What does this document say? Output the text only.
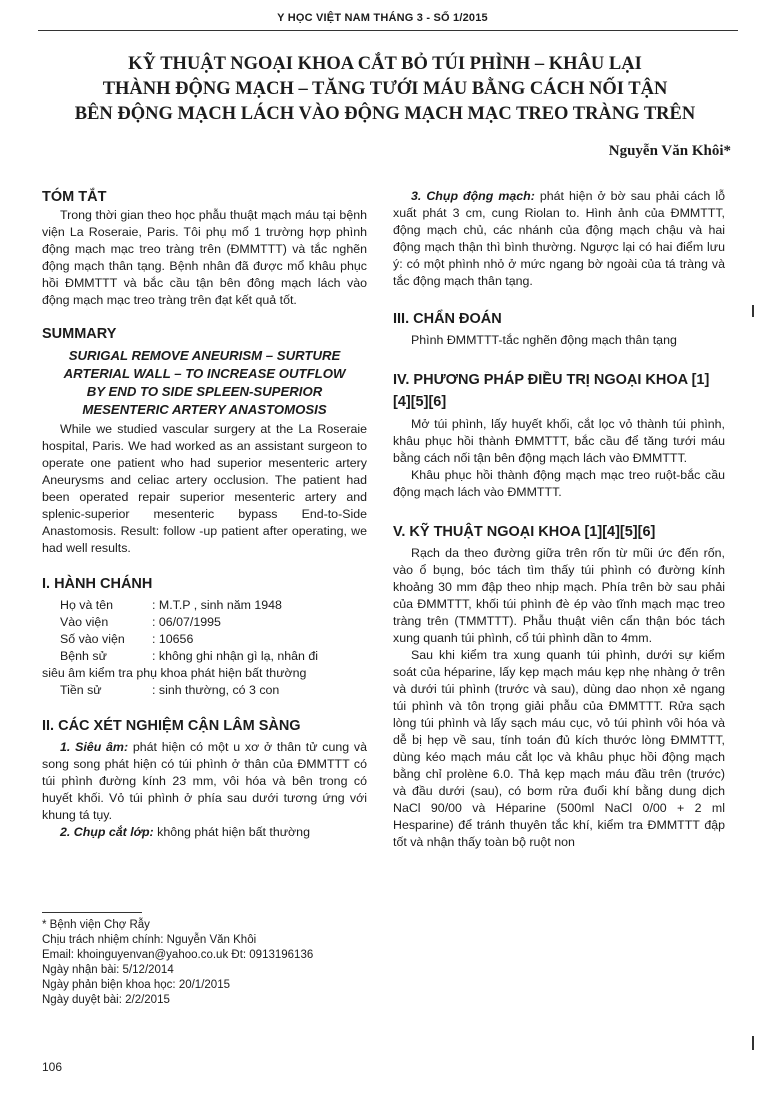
Y HỌC VIỆT NAM THÁNG 3 - SỐ 1/2015
KỸ THUẬT NGOẠI KHOA CẮT BỎ TÚI PHÌNH – KHÂU LẠI
THÀNH ĐỘNG MẠCH – TĂNG TƯỚI MÁU BẰNG CÁCH NỐI TẬN
BÊN ĐỘNG MẠCH LÁCH VÀO ĐỘNG MẠCH MẠC TREO TRÀNG TRÊN
Nguyễn Văn Khôi*
TÓM TẮT

Trong thời gian theo học phẫu thuật mạch máu tại bệnh viện La Roseraie, Paris. Tôi phụ mổ 1 trường hợp phình động mạch mạc treo tràng trên (ĐMMTTT) và tắc nghẽn động mạch thân tạng. Bệnh nhân đã được mổ khâu phục hồi ĐMMTTT và bắc cầu tận bên đông mạch lách vào động mạch mạc treo tràng trên đạt kết quả tốt.

SUMMARY
SURIGAL REMOVE ANEURISM – SURTURE
ARTERIAL WALL – TO INCREASE OUTFLOW
BY END TO SIDE SPLEEN-SUPERIOR
MESENTERIC ARTERY ANASTOMOSIS

While we studied vascular surgery at the La Roseraie hospital, Paris. We had worked as an assistant surgeon to operate one patient who had superior mesenteric artery Aneurysms and celiac artery occlusion. The patient had been operated repair superior mesenteric artery and splenic-superior mesenteric bypass End-to-Side Anastomosis. Result: follow -up patient after operating, we had well results.

I. HÀNH CHÁNH
Họ và tên	: M.T.P , sinh năm 1948
Vào viện	: 06/07/1995
Số vào viện	: 10656
Bệnh sử	: không ghi nhận gì lạ, nhân đi
siêu âm kiểm tra phụ khoa phát hiện bất thường
Tiền sử	: sinh thường, có 3 con
II. CÁC XÉT NGHIỆM CẬN LÂM SÀNG

1. Siêu âm: phát hiện có một u xơ ở thân tử cung và song song phát hiện có túi phình ở thân của ĐMMTTT có túi phình đường kính 23 mm, vôi hóa và bên trong có huyết khối. Vỏ túi phình ở phía sau dưới tương ứng với khung tá tụy.

2. Chụp cắt lớp: không phát hiện bất thường

* Bệnh viện Chợ Rẫy
Chịu trách nhiệm chính: Nguyễn Văn Khôi
Email: khoinguyenvan@yahoo.co.uk Đt: 0913196136
Ngày nhận bài: 5/12/2014
Ngày phản biện khoa học: 20/1/2015
Ngày duyệt bài: 2/2/2015
106

3. Chụp động mạch: phát hiện ở bờ sau phải cách lỗ xuất phát 3 cm, cung Riolan to. Hình ảnh của ĐMMTTT, động mạch chủ, các nhánh của động mạch chậu và hai động mạch thận thì bình thường. Ngược lại có hai điểm lưu ý: có một phình nhỏ ở mức ngang bờ ngoài của tá tràng và tắc động mạch thân tạng.

III. CHẨN ĐOÁN

Phình ĐMMTTT-tắc nghẽn động mạch thân tạng

IV. PHƯƠNG PHÁP ĐIỀU TRỊ NGOẠI KHOA [1][4][5][6]

Mở túi phình, lấy huyết khối, cắt lọc vỏ thành túi phình, khâu phục hồi thành ĐMMTTT, bắc cầu để tăng tưới máu bằng cách nối tận bên động mạch lách vào ĐMMTTT.

Khâu phục hồi thành động mạch mạc treo ruột-bắc cầu động mạch lách vào ĐMMTTT.

V. KỸ THUẬT NGOẠI KHOA [1][4][5][6]

Rạch da theo đường giữa trên rốn từ mũi ức đến rốn, vào ổ bụng, bóc tách tìm thấy túi phình có đường kính khoảng 30 mm đập theo nhịp mạch. Phía trên bờ sau phải của ĐMMTTT, khối túi phình đè ép vào tĩnh mạch mạc treo tràng trên (TMMTTT). Phẫu thuật viên cẩn thận bóc tách xung quanh túi phình, cổ túi phình dần to 4mm.

Sau khi kiểm tra xung quanh túi phình, dưới sự kiểm soát của héparine, lấy kẹp mạch máu kẹp nhẹ nhàng ở trên và dưới túi phình (trước và sau), dùng dao nhọn xẻ ngang túi phình và tôn trọng giải phẫu của ĐMMTTT. Rửa sạch lòng túi phình và lấy sạch máu cục, vỏ túi phình vôi hóa và dễ bị hẹp về sau, tính toán đủ kích thước lòng ĐMMTTT, dùng kéo mạch máu cắt lọc và khâu phục hồi động mạch bằng chỉ prolène 6.0. Thả kẹp mạch máu đầu trên (trước) và đầu dưới (sau), có bơm rửa đuổi khí bằng dung dịch NaCl 90/00 và Héparine (500ml NaCl 0/00 + 2 ml Hesparine) để tránh thuyên tắc khí, kiểm tra ĐMMTTT đập tốt và nhận thấy toàn bộ ruột non
